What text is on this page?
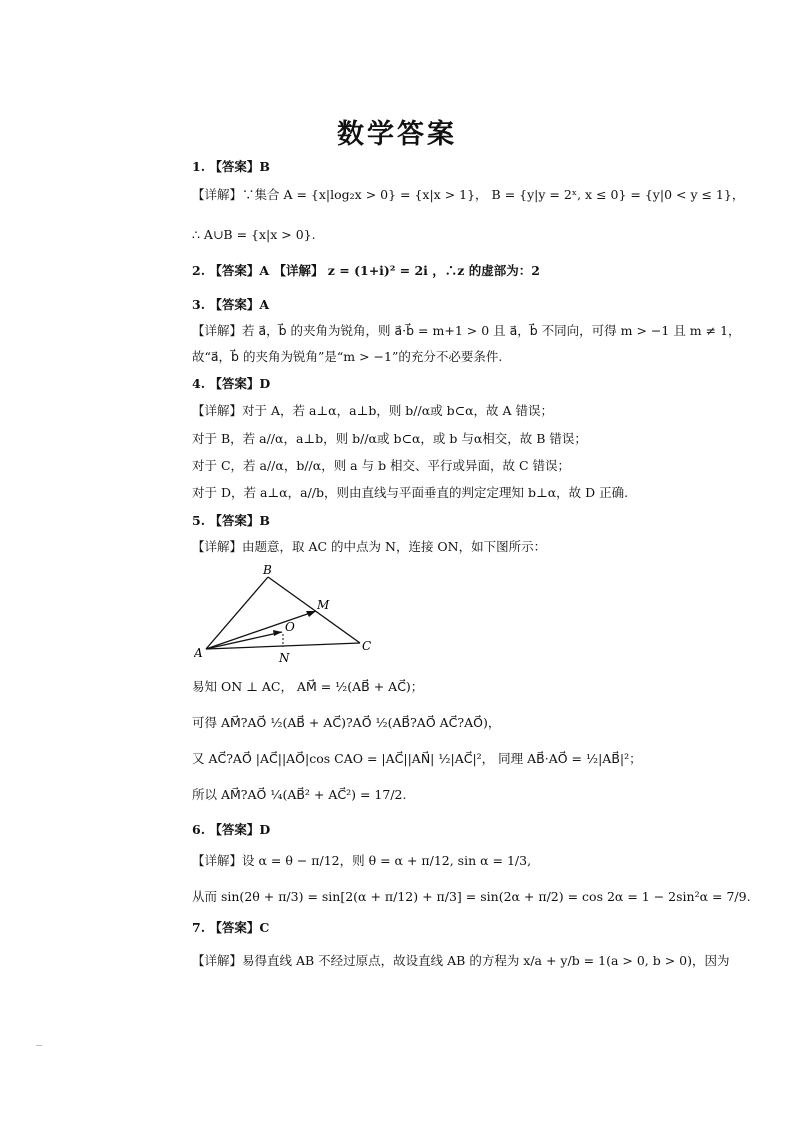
数学答案
1. 【答案】B
【详解】∵集合 A = {x|log₂x > 0} = {x|x > 1}， B = {y|y = 2ˣ, x ≤ 0} = {y|0 < y ≤ 1}，
∴ A∪B = {x|x > 0}.
2. 【答案】A 【详解】 z = (1+i)² = 2i ，∴z 的虚部为：2
3. 【答案】A
【详解】若 a⃗，b⃗ 的夹角为锐角，则 a⃗·b⃗ = m+1 > 0 且 a⃗，b⃗ 不同向，可得 m > −1 且 m ≠ 1，
故“a⃗，b⃗ 的夹角为锐角”是“m > −1”的充分不必要条件.
4. 【答案】D
【详解】对于 A，若 a⊥α，a⊥b，则 b//α或 b⊂α，故 A 错误；
对于 B，若 a//α，a⊥b，则 b//α或 b⊂α，或 b 与α相交，故 B 错误；
对于 C，若 a//α，b//α，则 a 与 b 相交、平行或异面，故 C 错误；
对于 D，若 a⊥α，a//b，则由直线与平面垂直的判定定理知 b⊥α，故 D 正确.
5. 【答案】B
【详解】由题意，取 AC 的中点为 N，连接 ON，如下图所示：
B
M
O
A	N
C
易知 ON ⊥ AC， AM⃗ = ½(AB⃗ + AC⃗)；
可得 AM⃗?AO⃗ ½(AB⃗ + AC⃗)?AO⃗ ½(AB⃗?AO⃗ AC⃗?AO⃗)，
又 AC⃗?AO⃗ |AC⃗||AO⃗|cos CAO = |AC⃗||AN⃗| ½|AC⃗|²， 同理 AB⃗·AO⃗ = ½|AB⃗|²；
所以 AM⃗?AO⃗ ¼(AB⃗² + AC⃗²) = 17/2.
6. 【答案】D
【详解】设 α = θ − π/12，则 θ = α + π/12, sin α = 1/3,
从而 sin(2θ + π/3) = sin[2(α + π/12) + π/3] = sin(2α + π/2) = cos 2α = 1 − 2sin²α = 7/9.
7. 【答案】C
【详解】易得直线 AB 不经过原点，故设直线 AB 的方程为 x/a + y/b = 1(a > 0, b > 0)，因为
